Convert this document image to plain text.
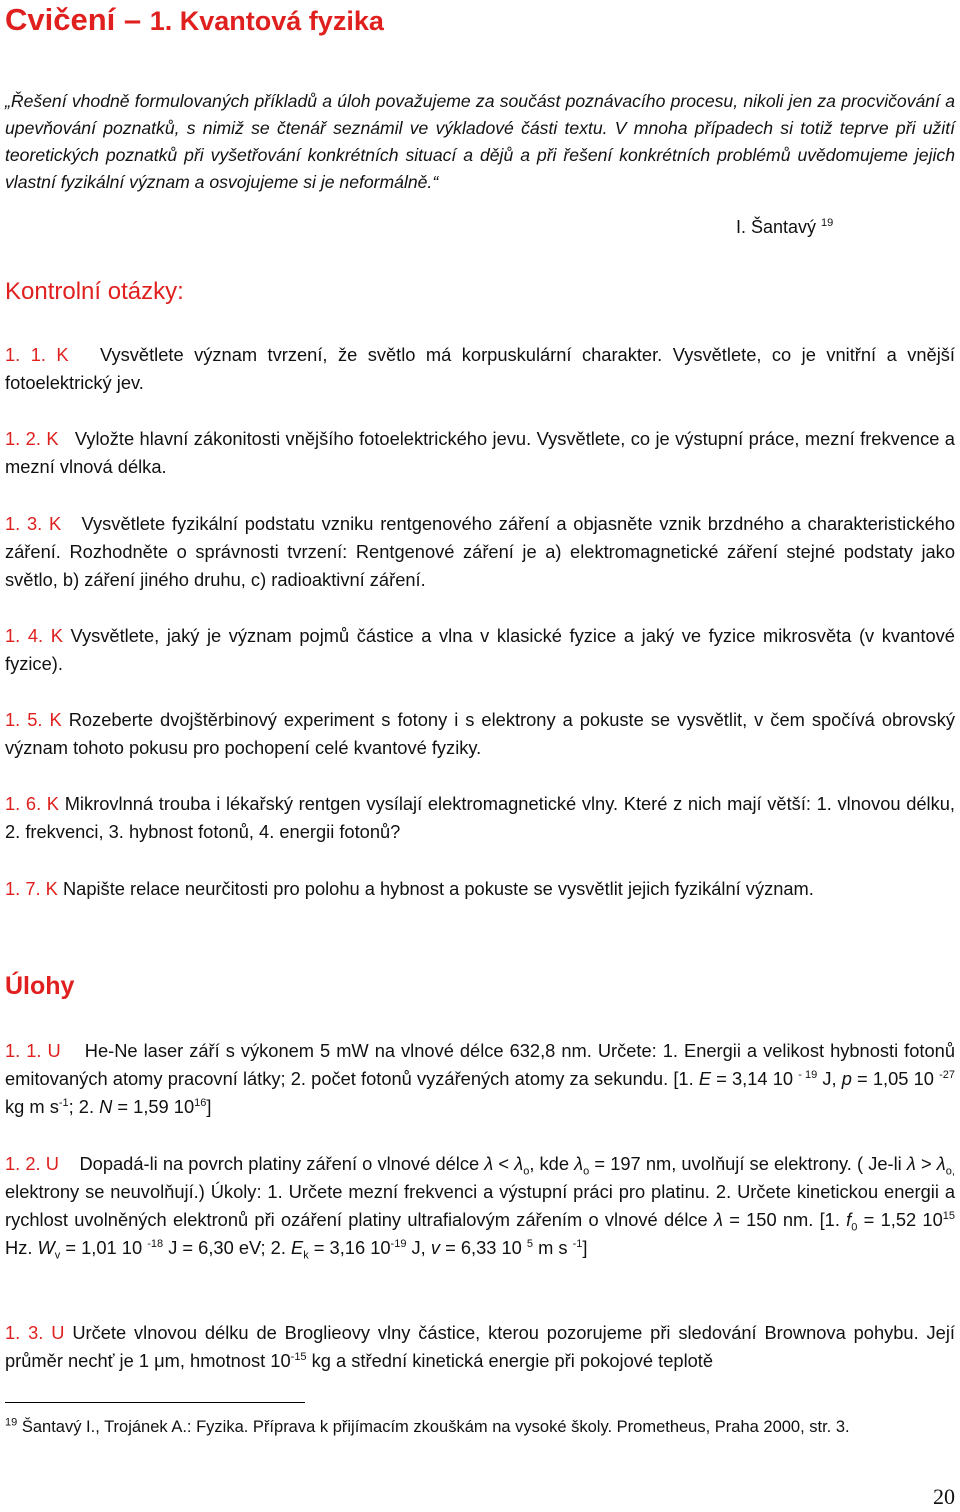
Cvičení – 1. Kvantová fyzika
„Řešení vhodně formulovaných příkladů a úloh považujeme za součást poznávacího procesu, nikoli jen za procvičování a upevňování poznatků, s nimiž se čtenář seznámil ve výkladové části textu. V mnoha případech si totiž teprve při užití teoretických poznatků při vyšetřování konkrétních situací a dějů a při řešení konkrétních problémů uvědomujeme jejich vlastní fyzikální význam a osvojujeme si je neformálně.“
I. Šantavý $^{19}$
Kontrolní otázky:
1. 1. K Vysvětlete význam tvrzení, že světlo má korpuskulární charakter. Vysvětlete, co je vnitřní a vnější fotoelektrický jev.
1. 2. K Vyložte hlavní zákonitosti vnějšího fotoelektrického jevu. Vysvětlete, co je výstupní práce, mezní frekvence a mezní vlnová délka.
1. 3. K Vysvětlete fyzikální podstatu vzniku rentgenového záření a objasněte vznik brzdného a charakteristického záření. Rozhodněte o správnosti tvrzení: Rentgenové záření je a) elektromagnetické záření stejné podstaty jako světlo, b) záření jiného druhu, c) radioaktivní záření.
1. 4. K Vysvětlete, jaký je význam pojmů částice a vlna v klasické fyzice a jaký ve fyzice mikrosvěta (v kvantové fyzice).
1. 5. K Rozeberte dvojštěrbinový experiment s fotony i s elektrony a pokuste se vysvětlit, v čem spočívá obrovský význam tohoto pokusu pro pochopení celé kvantové fyziky.
1. 6. K Mikrovlnná trouba i lékařský rentgen vysílají elektromagnetické vlny. Které z nich mají větší: 1. vlnovou délku, 2. frekvenci, 3. hybnost fotonů, 4. energii fotonů?
1. 7. K Napište relace neurčitosti pro polohu a hybnost a pokuste se vysvětlit jejich fyzikální význam.
Úlohy
1. 1. U He-Ne laser září s výkonem 5 mW na vlnové délce 632,8 nm. Určete: 1. Energii a velikost hybnosti fotonů emitovaných atomy pracovní látky; 2. počet fotonů vyzářených atomy za sekundu. [1. E = 3,14 10 $^{- 19}$ J, p = 1,05 10 $^{-27}$ kg m $s^{-1}$; 2. N = 1,59 $10^{16}$]
1. 2. U Dopadá-li na povrch platiny záření o vlnové délce $\lambda < \lambda_o$, kde $\lambda_o = 197$ nm, uvolňují se elektrony. ( Je-li $\lambda > \lambda_{o,}$ elektrony se neuvolňují.) Úkoly: 1. Určete mezní frekvenci a výstupní práci pro platinu. 2. Určete kinetickou energii a rychlost uvolněných elektronů při ozáření platiny ultrafialovým zářením o vlnové délce λ = 150 nm. [1. $f_0 = 1,52$ $10^{15}$ Hz. $W_v = 1,01$ 10 $^{-18}$ J = 6,30 eV; 2. $E_k = 3,16$ $10^{-19}$ J, v = 6,33 10 $^5$ m s $^{-1}$]
1. 3. U Určete vlnovou délku de Broglieovy vlny částice, kterou pozorujeme při sledování Brownova pohybu. Její průměr nechť je 1 μm, hmotnost $10^{-15}$ kg a střední kinetická energie při pokojové teplotě
$^{19}$ Šantavý I., Trojánek A.: Fyzika. Příprava k přijímacím zkouškám na vysoké školy. Prometheus, Praha 2000, str. 3.
20
